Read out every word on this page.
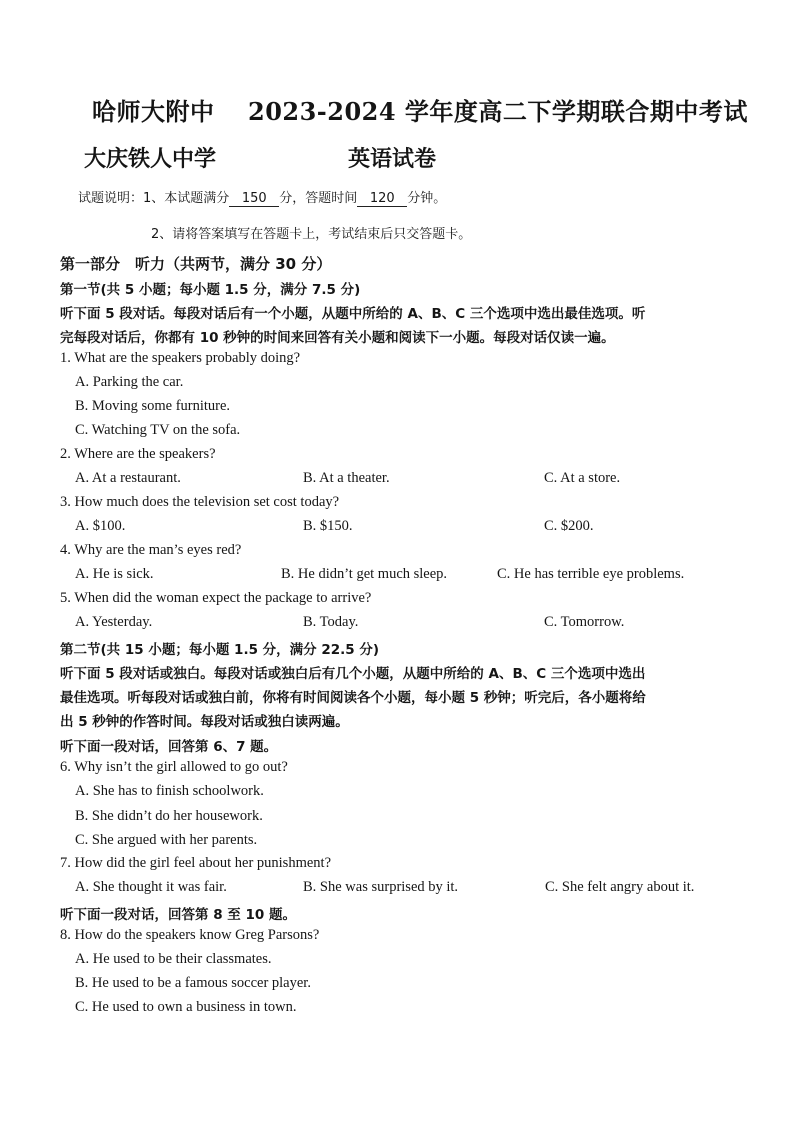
哈师大附中 2023-2024 学年度高二下学期联合期中考试
大庆铁人中学	英语试卷
试题说明：1、本试题满分 150 分，答题时间 120 分钟。
2、请将答案填写在答题卡上，考试结束后只交答题卡。
第一部分　听力（共两节，满分 30 分）
第一节(共 5 小题；每小题 1.5 分，满分 7.5 分)
听下面 5 段对话。每段对话后有一个小题，从题中所给的 A、B、C 三个选项中选出最佳选项。听
完每段对话后，你都有 10 秒钟的时间来回答有关小题和阅读下一小题。每段对话仅读一遍。
1. What are the speakers probably doing?
A. Parking the car.
B. Moving some furniture.
C. Watching TV on the sofa.
2. Where are the speakers?
A. At a restaurant.	B. At a theater.	C. At a store.
3. How much does the television set cost today?
A. $100.	B. $150.	C. $200.
4. Why are the man’s eyes red?
A. He is sick.	B. He didn’t get much sleep.	C. He has terrible eye problems.
5. When did the woman expect the package to arrive?
A. Yesterday.	B. Today.	C. Tomorrow.
第二节(共 15 小题；每小题 1.5 分，满分 22.5 分)
听下面 5 段对话或独白。每段对话或独白后有几个小题，从题中所给的 A、B、C 三个选项中选出
最佳选项。听每段对话或独白前，你将有时间阅读各个小题，每小题 5 秒钟；听完后，各小题将给
出 5 秒钟的作答时间。每段对话或独白读两遍。
听下面一段对话，回答第 6、7 题。
6. Why isn’t the girl allowed to go out?
A. She has to finish schoolwork.
B. She didn’t do her housework.
C. She argued with her parents.
7. How did the girl feel about her punishment?
A. She thought it was fair.	B. She was surprised by it.	C. She felt angry about it.
听下面一段对话，回答第 8 至 10 题。
8. How do the speakers know Greg Parsons?
A. He used to be their classmates.
B. He used to be a famous soccer player.
C. He used to own a business in town.
